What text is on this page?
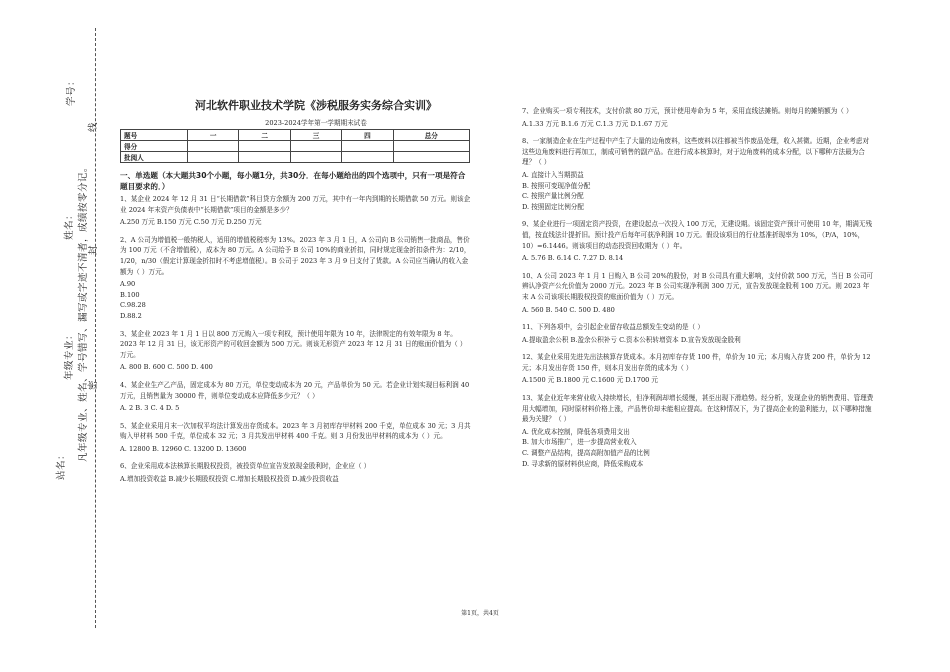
学号：
姓名：
年级专业：
站名：
凡年级专业、姓名、学号错写、漏写或字迹不清者，成绩按零分记。 密
封
线
河北软件职业技术学院《涉税服务实务综合实训》
2023-2024学年第一学期期末试卷
题号	一	二	三	四	总分
得分					
批阅人					
一、单选题（本大题共30个小题，每小题1分，共30分．在每小题给出的四个选项中，只有一项是符合题目要求的．）

1、某企业 2024 年 12 月 31 日“长期借款”科目贷方余额为 200 万元，其中有一年内到期的长期借款 50 万元。则该企业 2024 年末资产负债表中“长期借款”项目的金额是多少？

A.250 万元 B.150 万元 C.50 万元 D.250 万元

2、A 公司为增值税一般纳税人，适用的增值税税率为 13%。2023 年 3 月 1 日，A 公司向 B 公司销售一批商品，售价为 100 万元（不含增值税），成本为 80 万元。A 公司给予 B 公司 10%的商业折扣，同时规定现金折扣条件为：2/10，1/20，n/30（假定计算现金折扣时不考虑增值税）。B 公司于 2023 年 3 月 9 日支付了货款。A 公司应当确认的收入金额为（ ）万元。

A.90

B.100

C.98.28

D.88.2

3、某企业 2023 年 1 月 1 日以 800 万元购入一项专利权，预计使用年限为 10 年，法律规定的有效年限为 8 年。2023 年 12 月 31 日，该无形资产的可收回金额为 500 万元。则该无形资产 2023 年 12 月 31 日的账面价值为（ ）万元。

A. 800 B. 600 C. 500 D. 400

4、某企业生产乙产品，固定成本为 80 万元，单位变动成本为 20 元，产品单价为 50 元。若企业计划实现目标利润 40 万元，且销售量为 30000 件，则单位变动成本应降低多少元？（ ）

A. 2 B. 3 C. 4 D. 5

5、某企业采用月末一次加权平均法计算发出存货成本。2023 年 3 月初库存甲材料 200 千克，单位成本 30 元；3 月共购入甲材料 500 千克，单位成本 32 元；3 月共发出甲材料 400 千克。则 3 月份发出甲材料的成本为（ ）元。

A. 12800 B. 12960 C. 13200 D. 13600

6、企业采用成本法核算长期股权投资，被投资单位宣告发放现金股利时，企业应（ ）

A.增加投资收益 B.减少长期股权投资 C.增加长期股权投资 D.减少投资收益

7、企业购买一项专利技术，支付价款 80 万元，预计使用寿命为 5 年，采用直线法摊销。则每月的摊销额为（ ）

A.1.33 万元 B.1.6 万元 C.1.3 万元 D.1.67 万元

8、一家制造企业在生产过程中产生了大量的边角废料，这些废料以往都被当作废品处理，收入甚微。近期，企业考虑对这些边角废料进行再加工，制成可销售的副产品。在进行成本核算时，对于边角废料的成本分配，以下哪种方法最为合理？（ ）

A. 直接计入当期损益

B. 按照可变现净值分配

C. 按照产量比例分配

D. 按照固定比例分配

9、某企业进行一项固定资产投资，在建设起点一次投入 100 万元，无建设期。该固定资产预计可使用 10 年，期满无残值，按直线法计提折旧。预计投产后每年可获净利润 10 万元。假设该项目的行业基准折现率为 10%，（P/A，10%，10）=6.1446。则该项目的动态投资回收期为（ ）年。

A. 5.76 B. 6.14 C. 7.27 D. 8.14

10、A 公司 2023 年 1 月 1 日购入 B 公司 20%的股份，对 B 公司具有重大影响，支付价款 500 万元，当日 B 公司可辨认净资产公允价值为 2000 万元。2023 年 B 公司实现净利润 300 万元，宣告发放现金股利 100 万元。则 2023 年末 A 公司该项长期股权投资的账面价值为（ ）万元。

A. 560 B. 540 C. 500 D. 480

11、下列各项中，会引起企业留存收益总额发生变动的是（ ）

A.提取盈余公积 B.盈余公积补亏 C.资本公积转增资本 D.宣告发放现金股利

12、某企业采用先进先出法核算存货成本。本月初库存存货 100 件，单价为 10 元；本月购入存货 200 件，单价为 12 元；本月发出存货 150 件，则本月发出存货的成本为（ ）

A.1500 元 B.1800 元 C.1600 元 D.1700 元

13、某企业近年来营业收入持续增长，但净利润却增长缓慢，甚至出现下滑趋势。经分析，发现企业的销售费用、管理费用大幅增加，同时原材料价格上涨，产品售价却未能相应提高。在这种情况下，为了提高企业的盈利能力，以下哪种措施最为关键？（ ）

A. 优化成本控制，降低各项费用支出

B. 加大市场推广，进一步提高营业收入

C. 调整产品结构，提高高附加值产品的比例

D. 寻求新的原材料供应商，降低采购成本

第1页，共4页
